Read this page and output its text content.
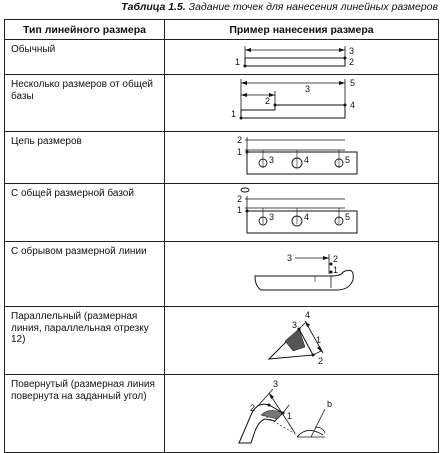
Таблица 1.5. Задание точек для нанесения линейных размеров
Тип линейного размера	Пример нанесения размера
Обычный	1
3
2

Несколько размеров от общей базы	1
2
3
5
4

Цепь размеров	2
1
3 4 5

С общей размерной базой	2
1
3 4 5

С обрывом размерной линии	3 2
1

Параллельный (размерная линия, параллельная отрезку 12)	4
3
1
2

Повернутый (размерная линия повернута на заданный угол)	3
2
1
b
